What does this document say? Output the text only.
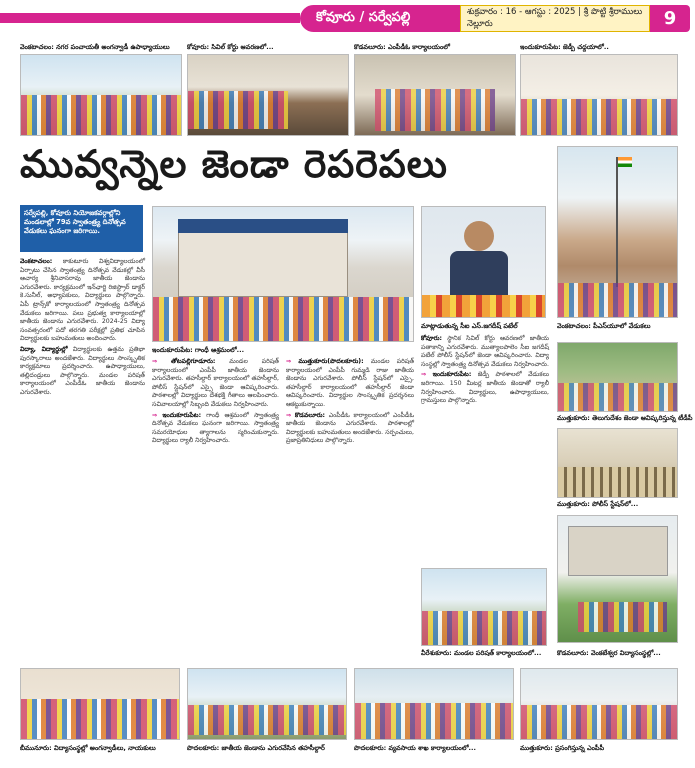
కోవూరు / సర్వేపల్లి	శుక్రవారం : 16 - ఆగస్టు : 2025 | శ్రీ పొట్టి శ్రీరాములు నెల్లూరు	9
వెంకటాచలం: నగర పంచాయతీ అంగన్వాడీ ఉపాధ్యాయులు	కోవూరు: సివిల్ కోర్టు ఆవరణలో...	కొడవలూరు: ఎంపీడీఓ కార్యాలయంలో	ఇందుకూరుపేట: జెడ్పీ చద్దయాలో..
మువ్వన్నెల జెండా రెపరెపలు
వెంకటాచలం: పీఎస్‌యూలో వేడుకలు
సర్వేపల్లి, కోవూరు నియోజకవర్గాల్లోని మండలాల్లో 79వ స్వాతంత్ర్య దినోత్సవ వేడుకలు ఘనంగా జరిగాయి.
ఇందుకూరుపేట: గాంధీ ఆశ్రమంలో...
మాట్లాడుతున్న సీఐ ఎస్.జగదీష్ పటేల్

వెంకటాచలం: కాకుటూరు విశ్వవిద్యాలయంలో ఏర్పాటు చేసిన స్వాతంత్ర్య దినోత్సవ వేడుకల్లో వీసీ ఆచార్య శ్రీనివాసరావు జాతీయ జెండాను ఎగురవేశారు. కార్యక్రమంలో ఇన్‌ఛార్జి రిజిస్ట్రార్ డాక్టర్ కె.సునీల్, అధ్యాపకులు, విద్యార్థులు పాల్గొన్నారు. ఏపీ ట్రాన్స్‌కో కార్యాలయంలో స్వాతంత్ర్య దినోత్సవ వేడుకలు జరిగాయి. పలు ప్రభుత్వ కార్యాలయాల్లో జాతీయ జెండాను ఎగురవేశారు. 2024-25 విద్యా సంవత్సరంలో పదో తరగతి పరీక్షల్లో ప్రతిభ చూపిన విద్యార్థులకు బహుమతులు అందించారు.

విద్యా, విద్యార్థుల్లో విద్యార్థులకు ఉత్తమ ప్రతిభా పురస్కారాలు అందజేశారు. విద్యార్థులు సాంస్కృతిక కార్యక్రమాలు ప్రదర్శించారు. ఉపాధ్యాయులు, తల్లిదండ్రులు పాల్గొన్నారు. మండల పరిషత్ కార్యాలయంలో ఎంపీడీఓ జాతీయ జెండాను ఎగురవేశారు.

⇒ తోటపల్లిగూడూరు: మండల పరిషత్ కార్యాలయంలో ఎంపీపీ జాతీయ జెండాను ఎగురవేశారు. తహసీల్దార్ కార్యాలయంలో తహసీల్దార్, పోలీస్ స్టేషన్‌లో ఎస్సై జెండా ఆవిష్కరించారు. పాఠశాలల్లో విద్యార్థులు దేశభక్తి గీతాలు ఆలపించారు. సచివాలయాల్లో సిబ్బంది వేడుకలు నిర్వహించారు.

⇒ ఇందుకూరుపేట: గాంధీ ఆశ్రమంలో స్వాతంత్ర్య దినోత్సవ వేడుకలు ఘనంగా జరిగాయి. స్వాతంత్ర్య సమరయోధుల త్యాగాలను స్మరించుకున్నారు. విద్యార్థులు ర్యాలీ నిర్వహించారు.

⇒ ముత్తుకూరు(పొదలకూరు): మండల పరిషత్ కార్యాలయంలో ఎంపీపీ గుమ్మడి రాజు జాతీయ జెండాను ఎగురవేశారు. పోలీస్ స్టేషన్‌లో ఎస్సై, తహసీల్దార్ కార్యాలయంలో తహసీల్దార్ జెండా ఆవిష్కరించారు. విద్యార్థుల సాంస్కృతిక ప్రదర్శనలు ఆకట్టుకున్నాయి.

⇒ కొడవలూరు: ఎంపీడీఓ కార్యాలయంలో ఎంపీడీఓ జాతీయ జెండాను ఎగురవేశారు. పాఠశాలల్లో విద్యార్థులకు బహుమతులు అందజేశారు. సర్పంచులు, ప్రజాప్రతినిధులు పాల్గొన్నారు.

కోవూరు: స్థానిక సివిల్ కోర్టు ఆవరణలో జాతీయ పతాకాన్ని ఎగురవేశారు. ముత్యాలపాలెం సీఐ జగదీష్ పటేల్ పోలీస్ స్టేషన్‌లో జెండా ఆవిష్కరించారు. విద్యా సంస్థల్లో స్వాతంత్ర్య దినోత్సవ వేడుకలు నిర్వహించారు.

⇒ ఇందుకూరుపేట: జెడ్పీ పాఠశాలలో వేడుకలు జరిగాయి. 150 మీటర్ల జాతీయ జెండాతో ర్యాలీ నిర్వహించారు. విద్యార్థులు, ఉపాధ్యాయులు, గ్రామస్తులు పాల్గొన్నారు.

ముత్తుకూరు: తెలుగుదేశం జెండా ఆవిష్కరిస్తున్న టీడీపీ
ముత్తుకూరు: పోలీస్ స్టేషన్‌లో...
వీరేశుకూరు: మండల పరిషత్ కార్యాలయంలో...	కొడవలూరు: వెంకటేశ్వర విద్యాసంస్థల్లో...
బీమునూరు: విద్యాసంస్థల్లో అంగన్వాడీలు, నాయకులు	పొదలకూరు: జాతీయ జెండాను ఎగురవేసిన తహసీల్దార్	పొదలకూరు: వ్యవసాయ శాఖ కార్యాలయంలో...	ముత్తుకూరు: ప్రసంగిస్తున్న ఎంపీపీ
